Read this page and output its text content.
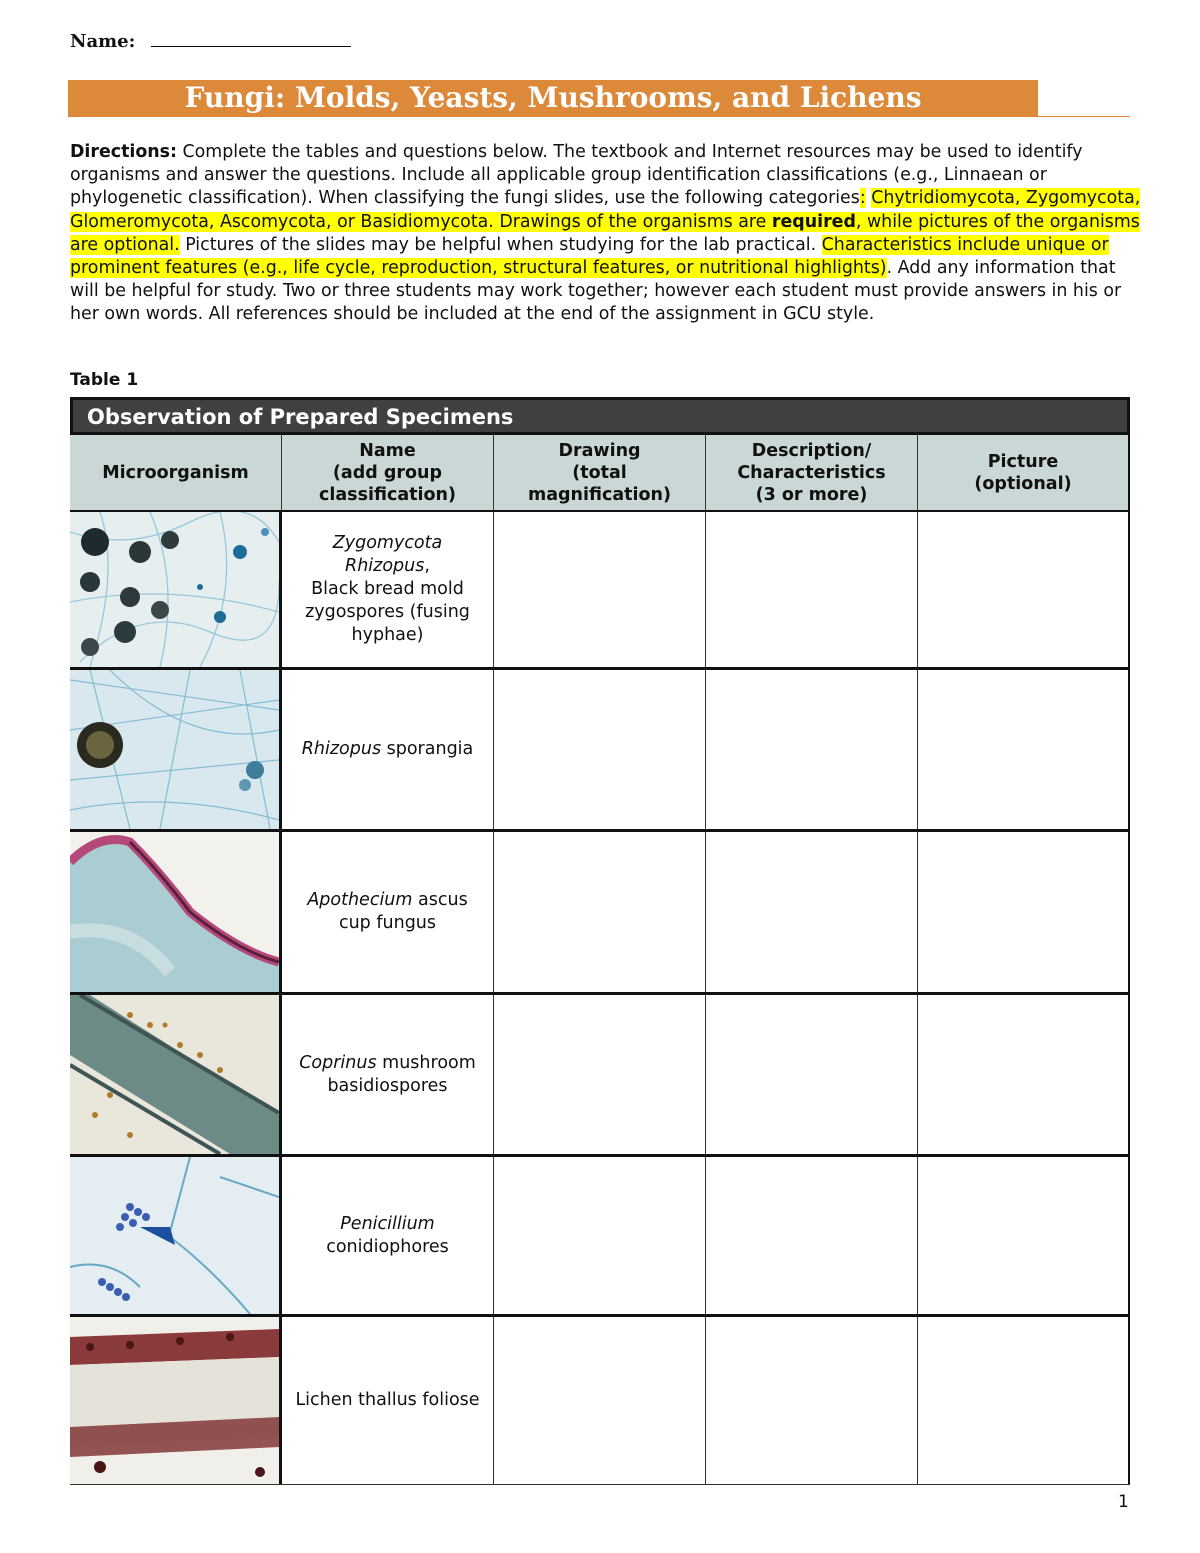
Name:
Fungi: Molds, Yeasts, Mushrooms, and Lichens
Directions: Complete the tables and questions below. The textbook and Internet resources may be used to identify organisms and answer the questions. Include all applicable group identification classifications (e.g., Linnaean or phylogenetic classification). When classifying the fungi slides, use the following categories: Chytridiomycota, Zygomycota, Glomeromycota, Ascomycota, or Basidiomycota. Drawings of the organisms are required, while pictures of the organisms are optional. Pictures of the slides may be helpful when studying for the lab practical. Characteristics include unique or prominent features (e.g., life cycle, reproduction, structural features, or nutritional highlights). Add any information that will be helpful for study. Two or three students may work together; however each student must provide answers in his or her own words. All references should be included at the end of the assignment in GCU style.
Table 1
Observation of Prepared Specimens
Microorganism
Name
(add group
classification)
Drawing
(total
magnification)
Description/
Characteristics
(3 or more)
Picture
(optional)
Zygomycota
Rhizopus,
Black bread mold
zygospores (fusing
hyphae)
Rhizopus sporangia
Apothecium ascus
cup fungus
Coprinus mushroom
basidiospores
Penicillium
conidiophores
Lichen thallus foliose
1
